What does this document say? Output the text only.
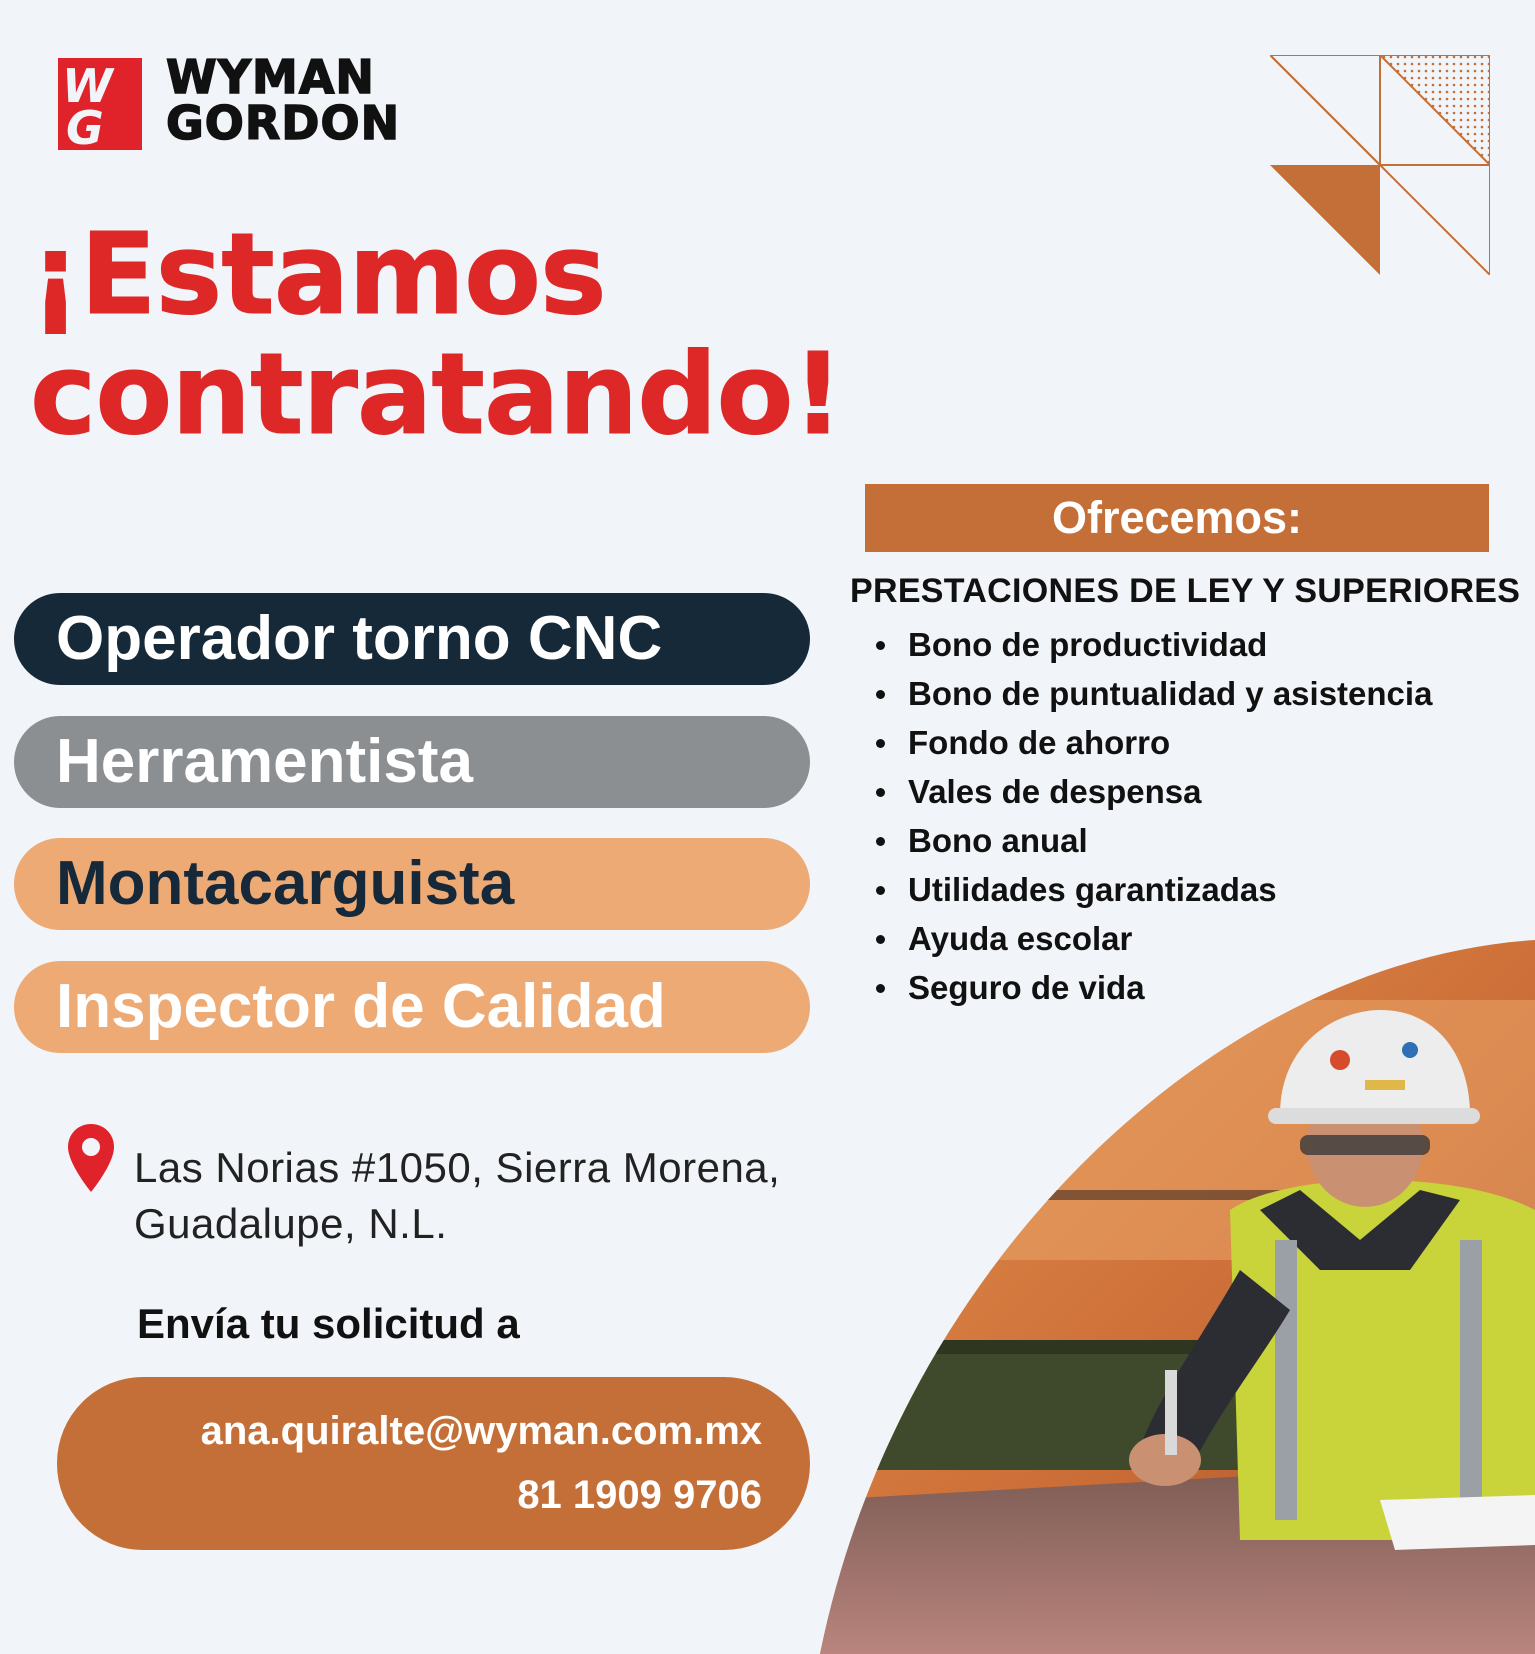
W
G
WYMAN
GORDON
¡Estamos
contratando!
Ofrecemos:
PRESTACIONES DE LEY Y SUPERIORES
Bono de productividad
Bono de puntualidad y asistencia
Fondo de ahorro
Vales de despensa
Bono anual
Utilidades garantizadas
Ayuda escolar
Seguro de vida
Operador torno CNC
Herramentista
Montacarguista
Inspector de Calidad
Las Norias #1050, Sierra Morena,
Guadalupe, N.L.
Envía tu solicitud a
ana.quiralte@wyman.com.mx
81 1909 9706
